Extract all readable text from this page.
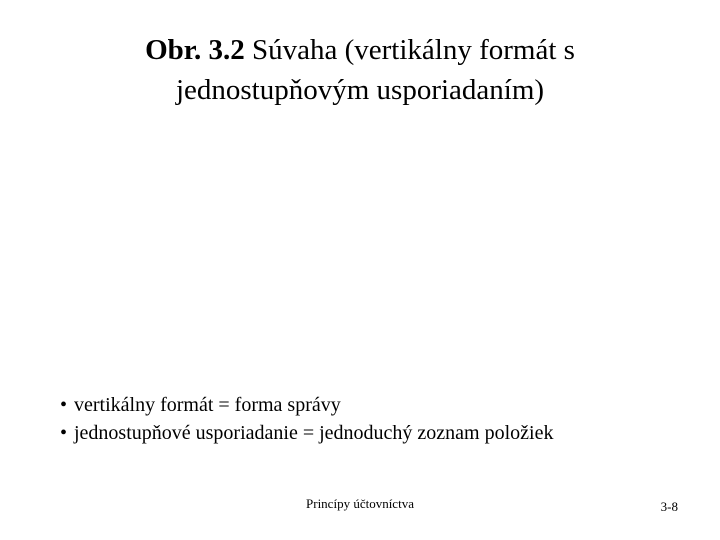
Obr. 3.2 Súvaha (vertikálny formát s
jednostupňovým usporiadaním)
• vertikálny formát = forma správy
• jednostupňové usporiadanie = jednoduchý zoznam položiek
Princípy účtovníctva	3-8
